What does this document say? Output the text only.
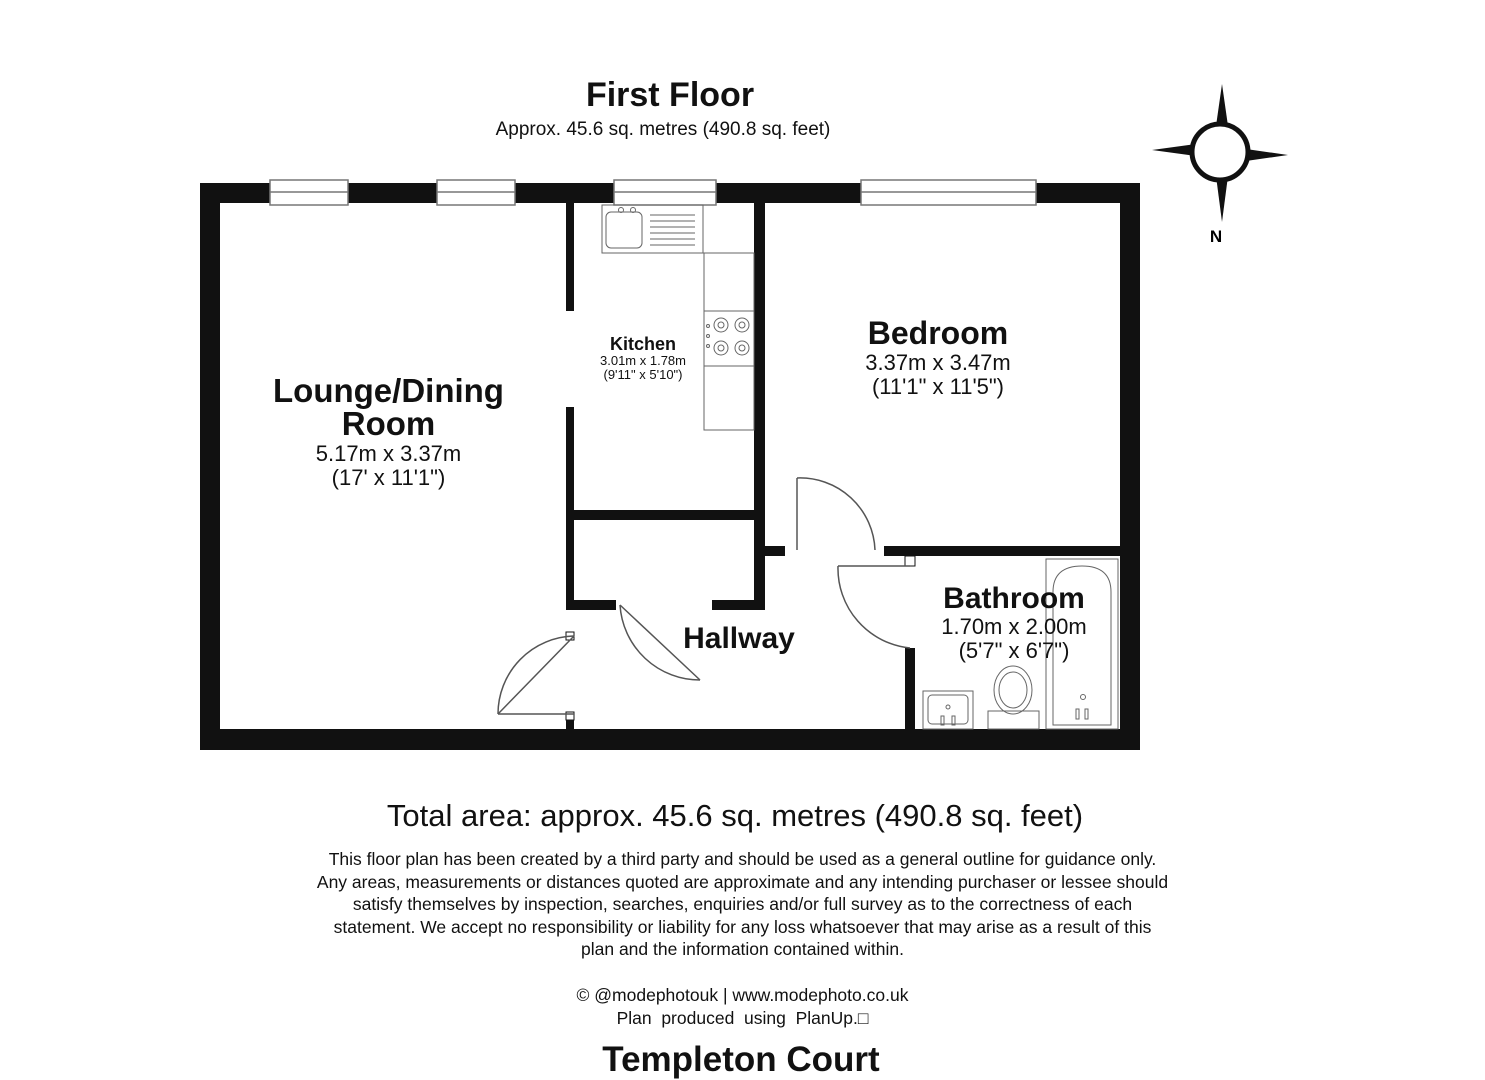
First Floor
Approx. 45.6 sq. metres (490.8 sq. feet)
N
Lounge/Dining
Room
5.17m x 3.37m
(17' x 11'1")
Kitchen
3.01m x 1.78m
(9'11" x 5'10")
Bedroom
3.37m x 3.47m
(11'1" x 11'5")
Bathroom
1.70m x 2.00m
(5'7" x 6'7")
Hallway
Total area: approx. 45.6 sq. metres (490.8 sq. feet)
This floor plan has been created by a third party and should be used as a general outline for guidance only.
Any areas, measurements or distances quoted are approximate and any intending purchaser or lessee should
satisfy themselves by inspection, searches, enquiries and/or full survey as to the correctness of each
statement. We accept no responsibility or liability for any loss whatsoever that may arise as a result of this
plan and the information contained within.
© @modephotouk | www.modephoto.co.uk
Plan  produced  using  PlanUp.□
Templeton Court
